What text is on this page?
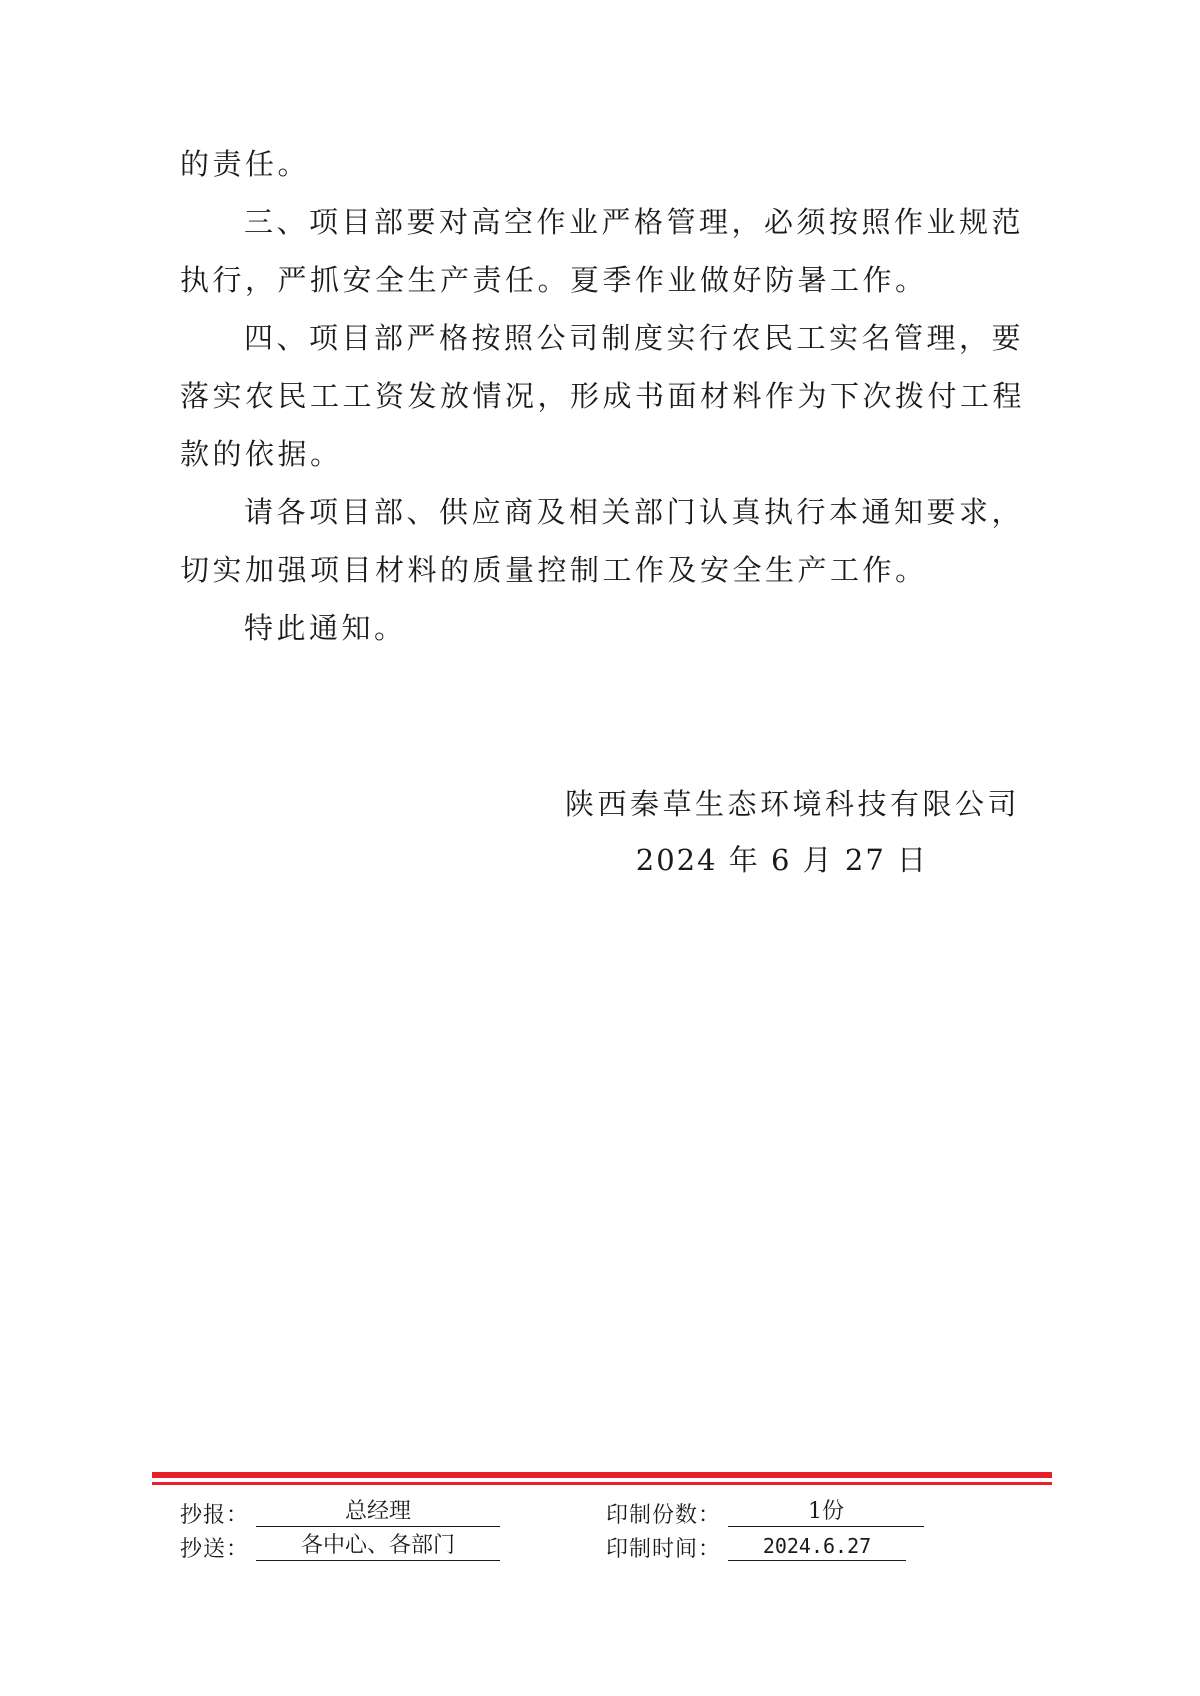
的责任。
三、项目部要对高空作业严格管理，必须按照作业规范
执行，严抓安全生产责任。夏季作业做好防暑工作。
四、项目部严格按照公司制度实行农民工实名管理，要
落实农民工工资发放情况，形成书面材料作为下次拨付工程
款的依据。
请各项目部、供应商及相关部门认真执行本通知要求，
切实加强项目材料的质量控制工作及安全生产工作。
特此通知。
陕西秦草生态环境科技有限公司
2024 年 6 月 27 日
抄报：	总经理	印制份数：	1份
抄送：	各中心、各部门	印制时间：	2024.6.27
